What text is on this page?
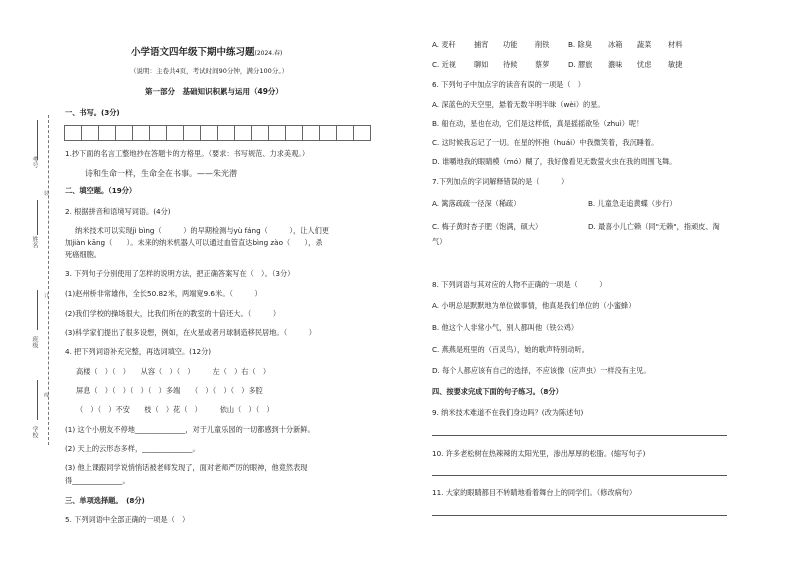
考号
姓名
班级
学校
装
订
线
小学语文四年级下期中练习题(2024.春)
（说明：主卷共4页，考试时间90分钟，满分100分。）
第一部分　基础知识积累与运用（49分）
一、书写。(3分)
1.抄下面的名言工整地抄在答题卡的方格里。（要求：书写规范、力求美观。）
诗和生命一样，生命全在书事。——朱光潜
二、填空题。（19分）
2. 根据拼音和语境写词语。(4分)
纳米技术可以实现jì bìng（　　　）的早期检测与yù fáng（　　　），让人们更
加jiàn kāng（　　）。未来的纳米机器人可以通过血管直达bìng zào（　　），杀
死癌细胞。
3. 下列句子分别使用了怎样的说明方法，把正确答案写在（　）。（3分）
(1)赵州桥非常雄伟，全长50.82米，两端宽9.6米。（　　　）
(2)我们学校的操场很大，比我们所在的教室的十倍还大。（　　　）
(3)科学家们提出了很多设想，例如，在火星或者月球制造移民居地。（　　　）
4. 把下列词语补充完整，再选词填空。(12分)
高楼（　）（　）　　从容（　）（　）　　　左（　）右（　）
屏息（　）（　）（　）（　）多端　　（　）（　）（　）多腔
（　）（　）不安　　枝（　）花（　）　　　依山（　）（　）
(1) 这个小朋友不停地______________，对于儿童乐园的一切都感到十分新鲜。
(2) 天上的云形态多样，______________。
(3) 他上课跟同学说悄悄话被老师发现了，面对老师严厉的眼神，他竟然表现
得______________。
三、单项选择题。　(8分)
5. 下列词语中全部正确的一项是（　）
A. 麦秆	捕宵 功能 削铁	B. 除臭 冰箱 蔬菜 材料
C. 近视	聊如 待候 蔡萝	D. 膠旅 濃味 忧虑 敏捷
6. 下列句子中加点字的读音有误的一项是（　）
A. 深蓝色的天空里，悬着无数半明半昧（wèi）的星。
B. 船在动，星也在动，它们是这样低，真是摇摇欲坠（zhuì）呢！
C. 这时候我忘记了一切。在星的怀抱（huái）中我微笑着，我沉睡着。
D. 谁嚼地我的眼睛模（mó）糊了，我好像看见无数萤火虫在我的周围飞舞。
7.下列加点的字词解释错误的是（　　　）
A. 篱落疏疏一径深（稀疏）	B. 儿童急走追黄蝶（步行）
C. 梅子黄时杏子肥（饱满，硕大）	D. 最喜小儿亡赖（同"无赖"，指顽皮、淘
气）
8. 下列词语与其对应的人物不正确的一项是（　　　）
A. 小明总是默默地为单位做事情，他真是我们单位的（小蜜蜂）
B. 他这个人非常小气，别人都叫他（铁公鸡）
C. 燕燕是班里的（百灵鸟），她的歌声特别动听。
D. 每个人都应该有自己的选择，不应该像（应声虫）一样没有主见。
四、按要求完成下面的句子练习。（8分）
9. 纳米技术难道不在我们身边吗？(改为陈述句)
10. 许多老松树在热辣辣的太阳光里，渗出厚厚的松脂。(缩写句子)
11. 大家的眼睛都目不转睛地看着舞台上的同学们。（修改病句）
